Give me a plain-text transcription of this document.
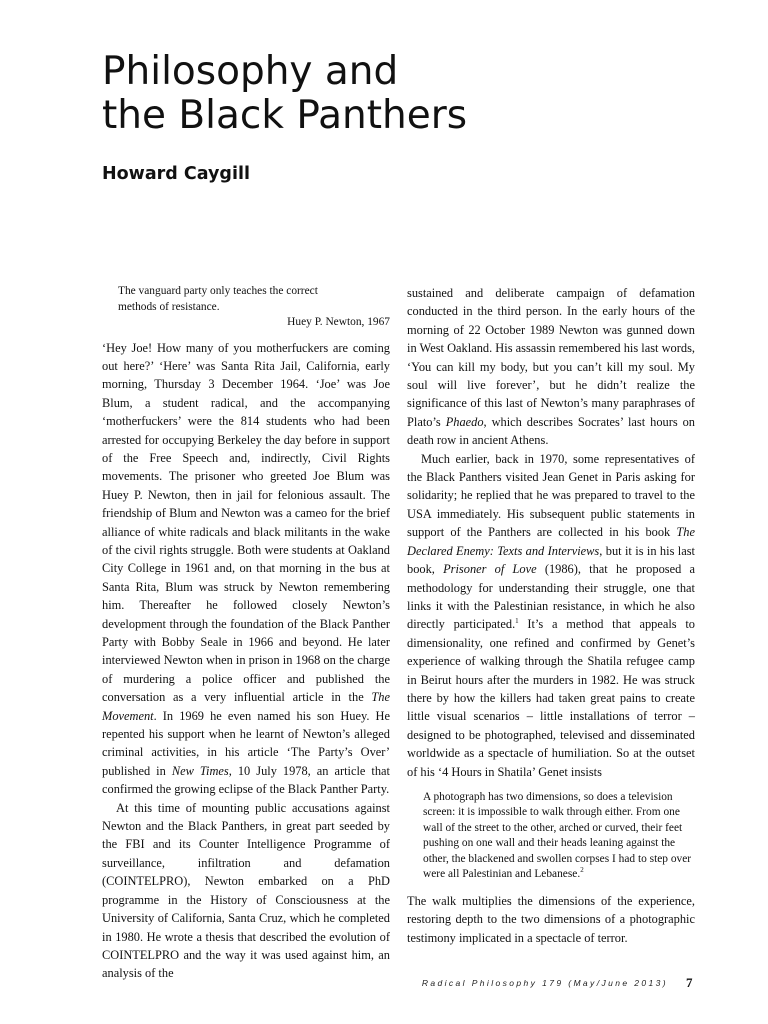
Philosophy and
the Black Panthers
Howard Caygill
The vanguard party only teaches the correct methods of resistance.
Huey P. Newton, 1967

‘Hey Joe! How many of you motherfuckers are coming out here?’ ‘Here’ was Santa Rita Jail, California, early morning, Thursday 3 December 1964. ‘Joe’ was Joe Blum, a student radical, and the accompanying ‘motherfuckers’ were the 814 students who had been arrested for occupying Berkeley the day before in support of the Free Speech and, indirectly, Civil Rights movements. The prisoner who greeted Joe Blum was Huey P. Newton, then in jail for felonious assault. The friendship of Blum and Newton was a cameo for the brief alliance of white radicals and black militants in the wake of the civil rights struggle. Both were students at Oakland City College in 1961 and, on that morning in the bus at Santa Rita, Blum was struck by Newton remembering him. Thereafter he followed closely Newton’s development through the foundation of the Black Panther Party with Bobby Seale in 1966 and beyond. He later interviewed Newton when in prison in 1968 on the charge of murdering a police officer and published the conversation as a very influential article in the The Movement. In 1969 he even named his son Huey. He repented his support when he learnt of Newton’s alleged criminal activities, in his article ‘The Party’s Over’ published in New Times, 10 July 1978, an article that confirmed the growing eclipse of the Black Panther Party.

At this time of mounting public accusations against Newton and the Black Panthers, in great part seeded by the FBI and its Counter Intelligence Programme of surveillance, infiltration and defamation (COINTELPRO), Newton embarked on a PhD programme in the History of Consciousness at the University of California, Santa Cruz, which he completed in 1980. He wrote a thesis that described the evolution of COINTELPRO and the way it was used against him, an analysis of the

sustained and deliberate campaign of defamation conducted in the third person. In the early hours of the morning of 22 October 1989 Newton was gunned down in West Oakland. His assassin remembered his last words, ‘You can kill my body, but you can’t kill my soul. My soul will live forever’, but he didn’t realize the significance of this last of Newton’s many paraphrases of Plato’s Phaedo, which describes Socrates’ last hours on death row in ancient Athens.

Much earlier, back in 1970, some representatives of the Black Panthers visited Jean Genet in Paris asking for solidarity; he replied that he was prepared to travel to the USA immediately. His subsequent public statements in support of the Panthers are collected in his book The Declared Enemy: Texts and Interviews, but it is in his last book, Prisoner of Love (1986), that he proposed a methodology for understanding their struggle, one that links it with the Palestinian resistance, in which he also directly participated.$^1$ It’s a method that appeals to dimensionality, one refined and confirmed by Genet’s experience of walking through the Shatila refugee camp in Beirut hours after the murders in 1982. He was struck there by how the killers had taken great pains to create little visual scenarios – little installations of terror – designed to be photographed, televised and disseminated worldwide as a spectacle of humiliation. So at the outset of his ‘4 Hours in Shatila’ Genet insists

A photograph has two dimensions, so does a television screen: it is impossible to walk through either. From one wall of the street to the other, arched or curved, their feet pushing on one wall and their heads leaning against the other, the blackened and swollen corpses I had to step over were all Palestinian and Lebanese.$^2$

The walk multiplies the dimensions of the experience, restoring depth to the two dimensions of a photographic testimony implicated in a spectacle of terror.

Radical Philosophy 179 (May/June 2013) 7
